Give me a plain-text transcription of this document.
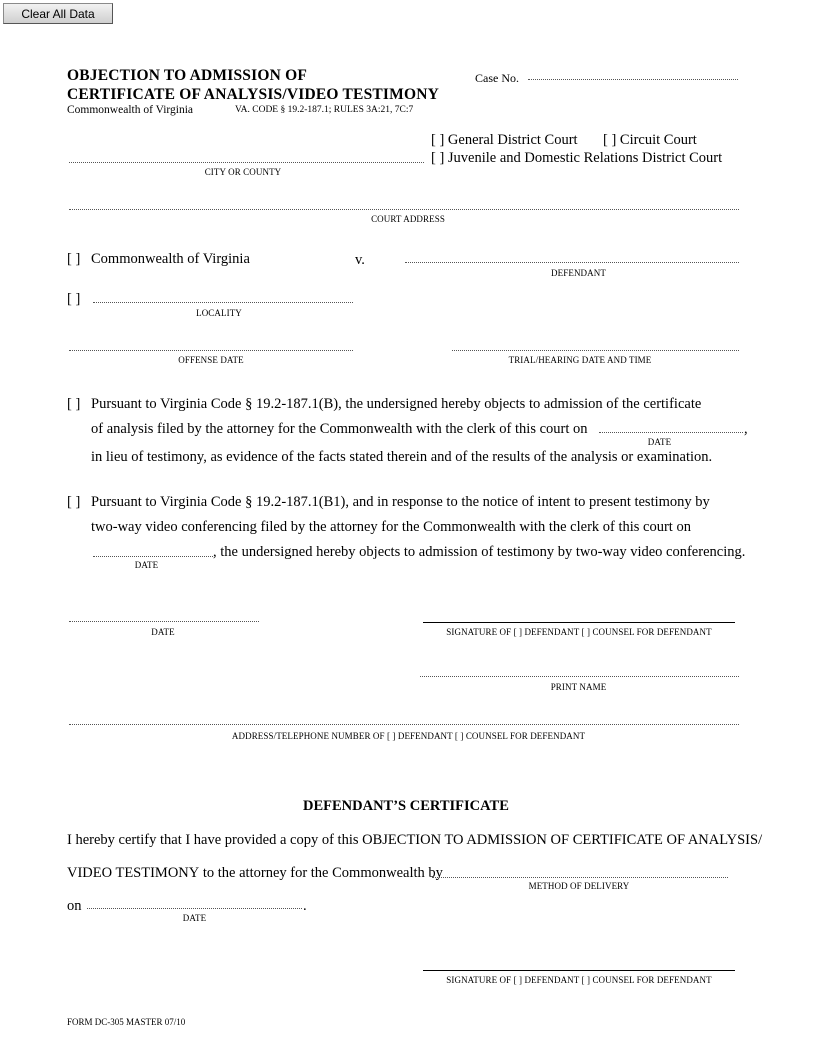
Clear All Data
OBJECTION TO ADMISSION OF
CERTIFICATE OF ANALYSIS/VIDEO TESTIMONY
Commonwealth of Virginia	VA. CODE § 19.2-187.1; RULES 3A:21, 7C:7
Case No.
[ ] General District Court [ ] Circuit Court
[ ] Juvenile and Domestic Relations District Court
CITY OR COUNTY
COURT ADDRESS
[ ] Commonwealth of Virginia	v.
DEFENDANT
[ ]
LOCALITY
OFFENSE DATE	TRIAL/HEARING DATE AND TIME
[ ] Pursuant to Virginia Code § 19.2-187.1(B), the undersigned hereby objects to admission of the certificate
of analysis filed by the attorney for the Commonwealth with the clerk of this court on	,
DATE
in lieu of testimony, as evidence of the facts stated therein and of the results of the analysis or examination.
[ ] Pursuant to Virginia Code § 19.2-187.1(B1), and in response to the notice of intent to present testimony by
two-way video conferencing filed by the attorney for the Commonwealth with the clerk of this court on
, the undersigned hereby objects to admission of testimony by two-way video conferencing.
DATE
DATE	SIGNATURE OF [ ] DEFENDANT [ ] COUNSEL FOR DEFENDANT
PRINT NAME
ADDRESS/TELEPHONE NUMBER OF [ ] DEFENDANT [ ] COUNSEL FOR DEFENDANT
DEFENDANT’S CERTIFICATE
I hereby certify that I have provided a copy of this OBJECTION TO ADMISSION OF CERTIFICATE OF ANALYSIS/
VIDEO TESTIMONY to the attorney for the Commonwealth by
METHOD OF DELIVERY
on	.
DATE
SIGNATURE OF [ ] DEFENDANT [ ] COUNSEL FOR DEFENDANT
FORM DC-305 MASTER 07/10
